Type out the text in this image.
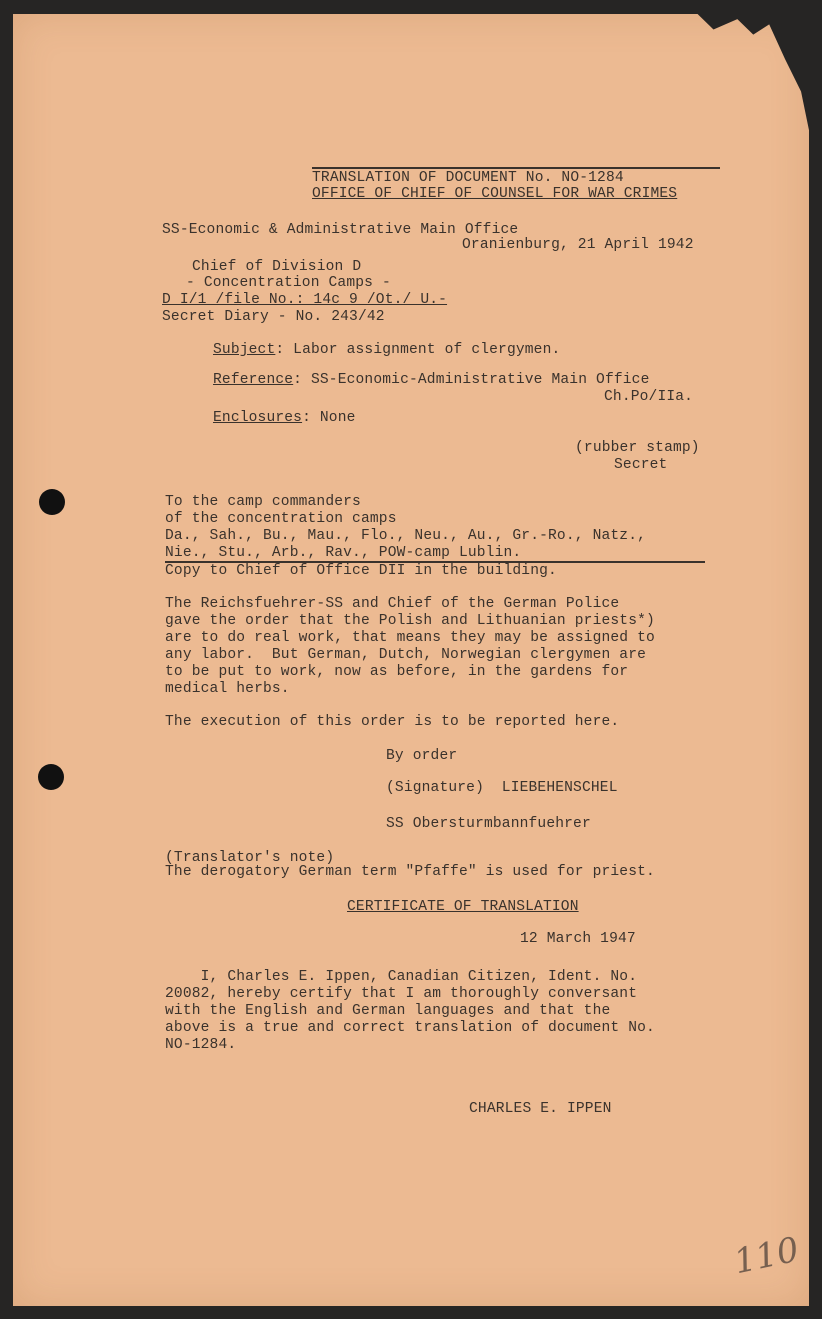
TRANSLATION OF DOCUMENT No. NO-1284
OFFICE OF CHIEF OF COUNSEL FOR WAR CRIMES
SS-Economic & Administrative Main Office
Oranienburg, 21 April 1942
Chief of Division D
- Concentration Camps -
D I/1 /file No.: 14c 9 /Ot./ U.-
Secret Diary - No. 243/42
Subject: Labor assignment of clergymen.
Reference: SS-Economic-Administrative Main Office
Ch.Po/IIa.
Enclosures: None
(rubber stamp)
Secret
To the camp commanders
of the concentration camps
Da., Sah., Bu., Mau., Flo., Neu., Au., Gr.-Ro., Natz.,
Nie., Stu., Arb., Rav., POW-camp Lublin.
Copy to Chief of Office DII in the building.
The Reichsfuehrer-SS and Chief of the German Police
gave the order that the Polish and Lithuanian priests*)
are to do real work, that means they may be assigned to
any labor.  But German, Dutch, Norwegian clergymen are
to be put to work, now as before, in the gardens for
medical herbs.
The execution of this order is to be reported here.
By order
(Signature)  LIEBEHENSCHEL
SS Obersturmbannfuehrer
(Translator's note)
The derogatory German term "Pfaffe" is used for priest.
CERTIFICATE OF TRANSLATION
12 March 1947
I, Charles E. Ippen, Canadian Citizen, Ident. No.
20082, hereby certify that I am thoroughly conversant
with the English and German languages and that the
above is a true and correct translation of document No.
NO-1284.
CHARLES E. IPPEN
110
